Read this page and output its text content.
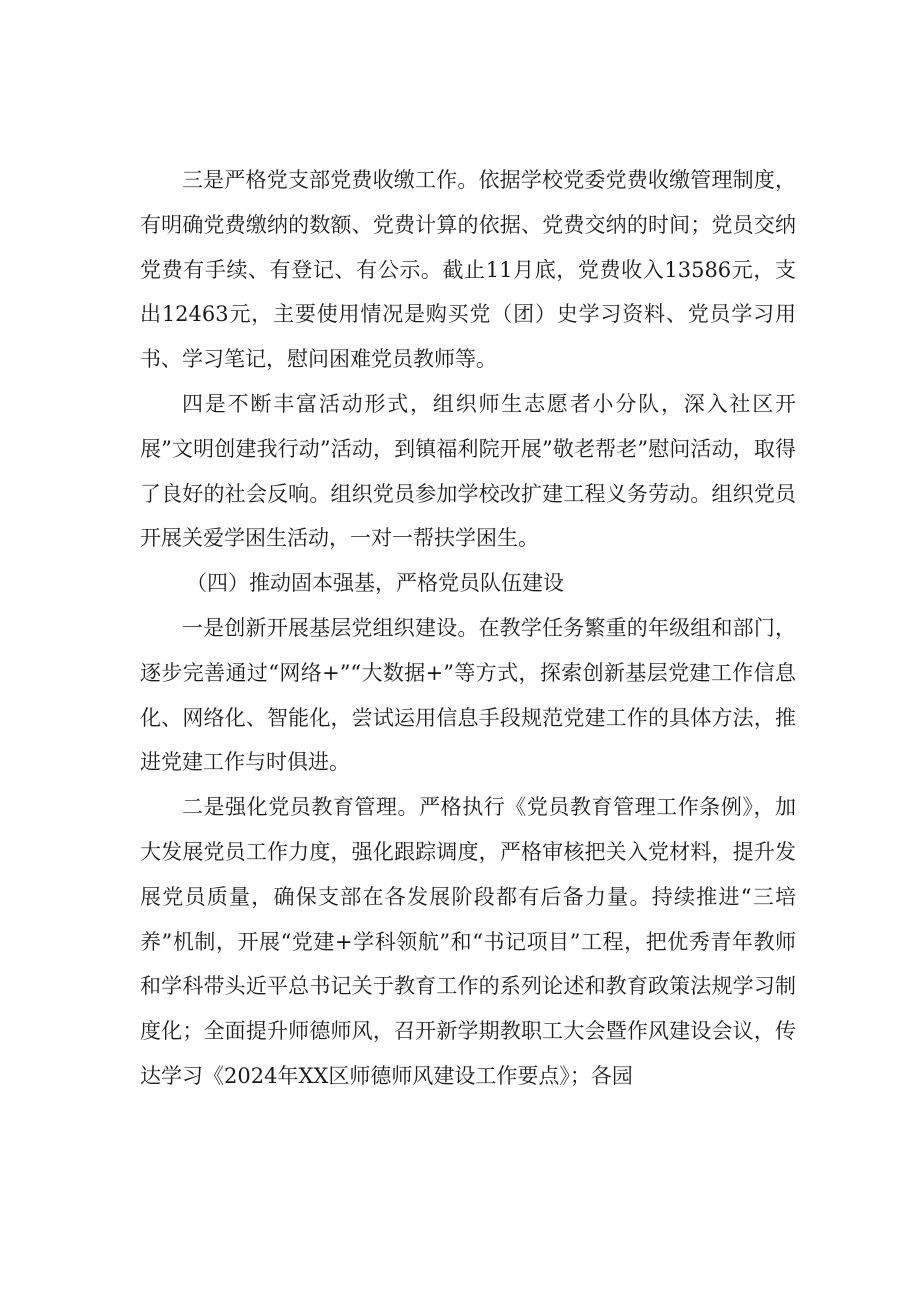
三是严格党支部党费收缴工作。依据学校党委党费收缴管理制度，有明确党费缴纳的数额、党费计算的依据、党费交纳的时间；党员交纳党费有手续、有登记、有公示。截止11月底，党费收入13586元，支出12463元，主要使用情况是购买党（团）史学习资料、党员学习用书、学习笔记，慰问困难党员教师等。

四是不断丰富活动形式，组织师生志愿者小分队，深入社区开展”文明创建我行动”活动，到镇福利院开展”敬老帮老”慰问活动，取得了良好的社会反响。组织党员参加学校改扩建工程义务劳动。组织党员开展关爱学困生活动，一对一帮扶学困生。

（四）推动固本强基，严格党员队伍建设

一是创新开展基层党组织建设。在教学任务繁重的年级组和部门，逐步完善通过“网络+”“大数据+”等方式，探索创新基层党建工作信息化、网络化、智能化，尝试运用信息手段规范党建工作的具体方法，推进党建工作与时俱进。

二是强化党员教育管理。严格执行《党员教育管理工作条例》，加大发展党员工作力度，强化跟踪调度，严格审核把关入党材料，提升发展党员质量，确保支部在各发展阶段都有后备力量。持续推进“三培养”机制，开展“党建+学科领航”和“书记项目”工程，把优秀青年教师和学科带头近平总书记关于教育工作的系列论述和教育政策法规学习制度化；全面提升师德师风，召开新学期教职工大会暨作风建设会议，传达学习《2024年XX区师德师风建设工作要点》；各园
